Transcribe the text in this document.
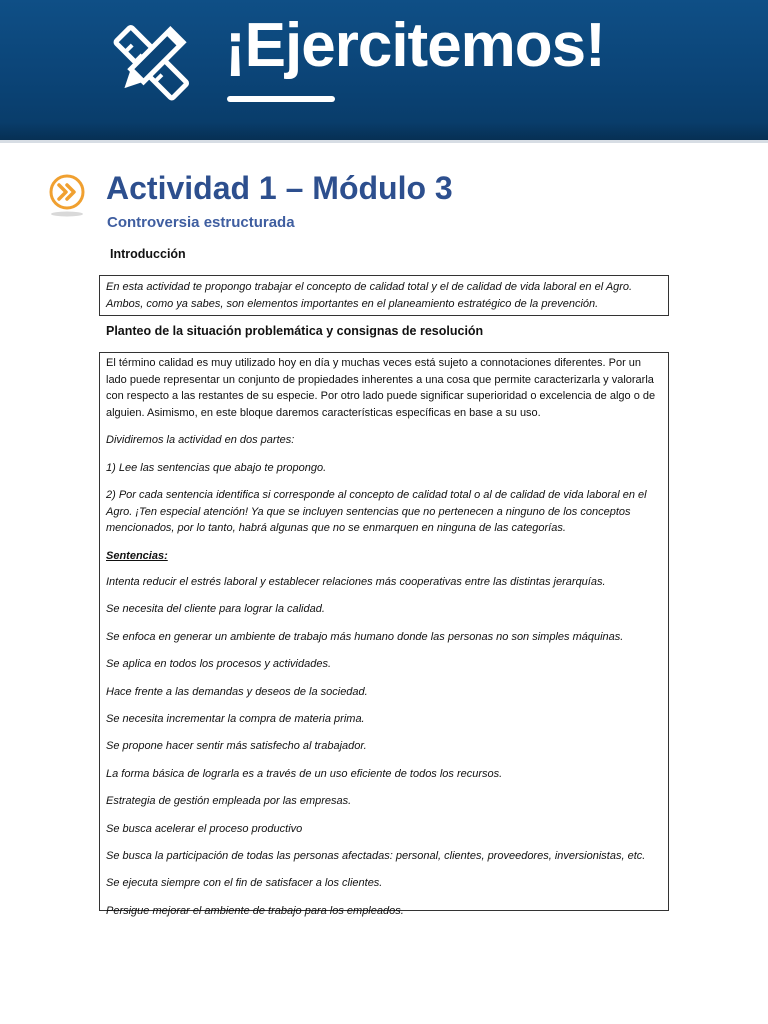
¡Ejercitemos!
Actividad 1 – Módulo 3
Controversia estructurada
Introducción

En esta actividad te propongo trabajar el concepto de calidad total y el de calidad de vida laboral en el Agro. Ambos, como ya sabes, son elementos importantes en el planeamiento estratégico de la prevención.

Planteo de la situación problemática y consignas de resolución

El término calidad es muy utilizado hoy en día y muchas veces está sujeto a connotaciones diferentes. Por un lado puede representar un conjunto de propiedades inherentes a una cosa que permite caracterizarla y valorarla con respecto a las restantes de su especie. Por otro lado puede significar superioridad o excelencia de algo o de alguien. Asimismo, en este bloque daremos características específicas en base a su uso.

Dividiremos la actividad en dos partes:

1) Lee las sentencias que abajo te propongo.

2) Por cada sentencia identifica si corresponde al concepto de calidad total o al de calidad de vida laboral en el Agro. ¡Ten especial atención! Ya que se incluyen sentencias que no pertenecen a ninguno de los conceptos mencionados, por lo tanto, habrá algunas que no se enmarquen en ninguna de las categorías.

Sentencias:

Intenta reducir el estrés laboral y establecer relaciones más cooperativas entre las distintas jerarquías.

Se necesita del cliente para lograr la calidad.

Se enfoca en generar un ambiente de trabajo más humano donde las personas no son simples máquinas.

Se aplica en todos los procesos y actividades.

Hace frente a las demandas y deseos de la sociedad.

Se necesita incrementar la compra de materia prima.

Se propone hacer sentir más satisfecho al trabajador.

La forma básica de lograrla es a través de un uso eficiente de todos los recursos.

Estrategia de gestión empleada por las empresas.

Se busca acelerar el proceso productivo

Se busca la participación de todas las personas afectadas: personal, clientes, proveedores, inversionistas, etc.

Se ejecuta siempre con el fin de satisfacer a los clientes.

Persigue mejorar el ambiente de trabajo para los empleados.
